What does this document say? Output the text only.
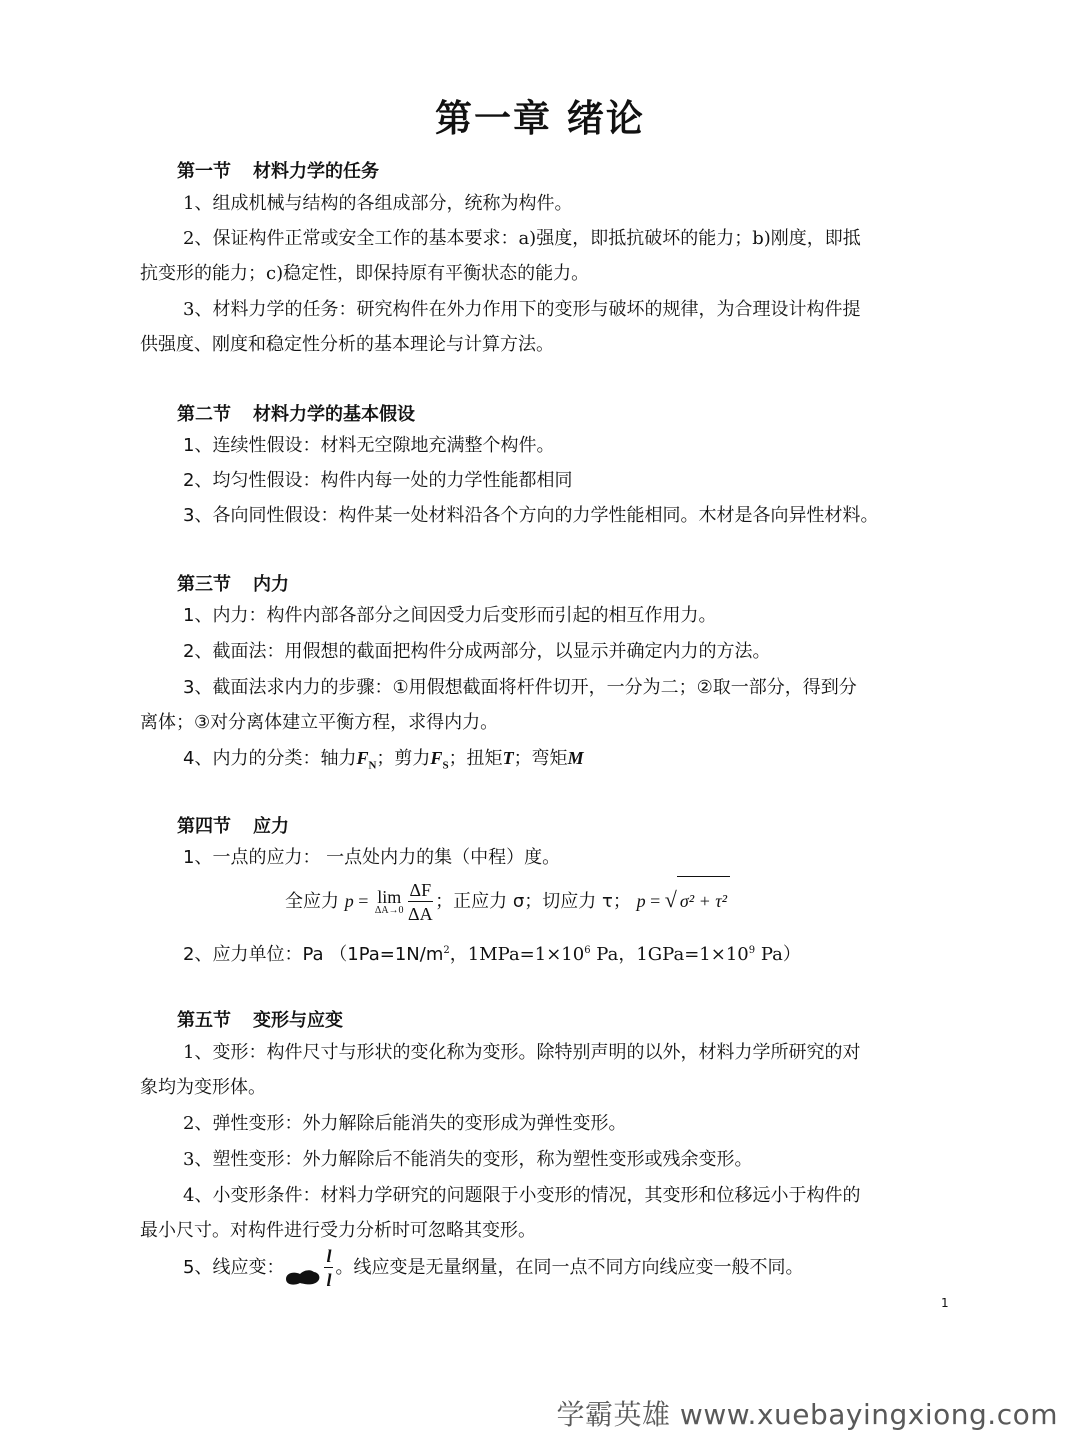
第一章 绪论
第一节 材料力学的任务
1、组成机械与结构的各组成部分，统称为构件。
2、保证构件正常或安全工作的基本要求：a)强度，即抵抗破坏的能力；b)刚度，即抵
抗变形的能力；c)稳定性，即保持原有平衡状态的能力。
3、材料力学的任务：研究构件在外力作用下的变形与破坏的规律，为合理设计构件提
供强度、刚度和稳定性分析的基本理论与计算方法。
第二节 材料力学的基本假设
1、连续性假设：材料无空隙地充满整个构件。
2、均匀性假设：构件内每一处的力学性能都相同
3、各向同性假设：构件某一处材料沿各个方向的力学性能相同。木材是各向异性材料。
第三节 内力
1、内力：构件内部各部分之间因受力后变形而引起的相互作用力。
2、截面法：用假想的截面把构件分成两部分，以显示并确定内力的方法。
3、截面法求内力的步骤：①用假想截面将杆件切开，一分为二；②取一部分，得到分
离体；③对分离体建立平衡方程，求得内力。
4、内力的分类：轴力$F_N$；剪力$F_S$；扭矩T；弯矩M
第四节 应力
1、一点的应力： 一点处内力的集（中程）度。
全应力 p = lim
$\Delta A\to 0 \frac{\Delta F}{\Delta A}$ ；正应力 σ；切应力 τ； p = √ σ² + τ²
2、应力单位：Pa （$1Pa=1N/m^2$，$1MPa=1\times 10^6$ Pa，$1GPa=1\times 10^9$ Pa）
第五节 变形与应变
1、变形：构件尺寸与形状的变化称为变形。除特别声明的以外，材料力学所研究的对
象均为变形体。
2、弹性变形：外力解除后能消失的变形成为弹性变形。
3、塑性变形：外力解除后不能消失的变形，称为塑性变形或残余变形。
4、小变形条件：材料力学研究的问题限于小变形的情况，其变形和位移远小于构件的
最小尺寸。对构件进行受力分析时可忽略其变形。
5、线应变： $\frac{l}{l}$ 。线应变是无量纲量，在同一点不同方向线应变一般不同。
1
学霸英雄 www.xuebayingxiong.com
